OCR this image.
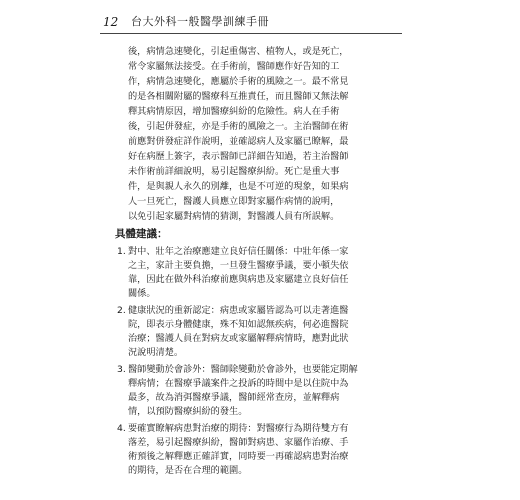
12 台大外科一般醫學訓練手冊
後，病情急速變化，引起重傷害、植物人，或是死亡，
常令家屬無法接受。在手術前，醫師應作好告知的工
作，病情急速變化，應屬於手術的風險之一。最不常見
的是各相關附屬的醫療科互推責任，而且醫師又無法解
釋其病情原因，增加醫療糾紛的危險性。病人在手術
後，引起併發症，亦是手術的風險之一。主治醫師在術
前應對併發症詳作說明，並確認病人及家屬已瞭解，最
好在病歷上簽字，表示醫師已詳細告知過，若主治醫師
未作術前詳細說明，易引起醫療糾紛。死亡是重大事
件，是與親人永久的別離，也是不可逆的現象，如果病
人一旦死亡，醫護人員應立即對家屬作病情的說明，
以免引起家屬對病情的猜測，對醫護人員有所誤解。
具體建議：
1. 對中、壯年之治療應建立良好信任關係：中壯年係一家
之主，家計主要負擔，一旦發生醫療爭議，要小頓失依
靠，因此在做外科治療前應與病患及家屬建立良好信任
關係。
2. 健康狀況的重新認定：病患或家屬皆認為可以走著進醫
院，即表示身體健康，殊不知如認無疾病，何必進醫院
治療；醫護人員在對病友或家屬解釋病情時，應對此狀
況說明清楚。
3. 醫師變動於會診外：醫師除變動於會診外，也要能定期解
釋病情；在醫療爭議案件之投訴的時間中是以住院中為
最多，故為消弭醫療爭議，醫師經常查房，並解釋病
情，以預防醫療糾紛的發生。
4. 要確實瞭解病患對治療的期待：對醫療行為期待雙方有
落差，易引起醫療糾紛，醫師對病患、家屬作治療、手
術預後之解釋應正確詳實，同時要一再確認病患對治療
的期待，是否在合理的範圍。
